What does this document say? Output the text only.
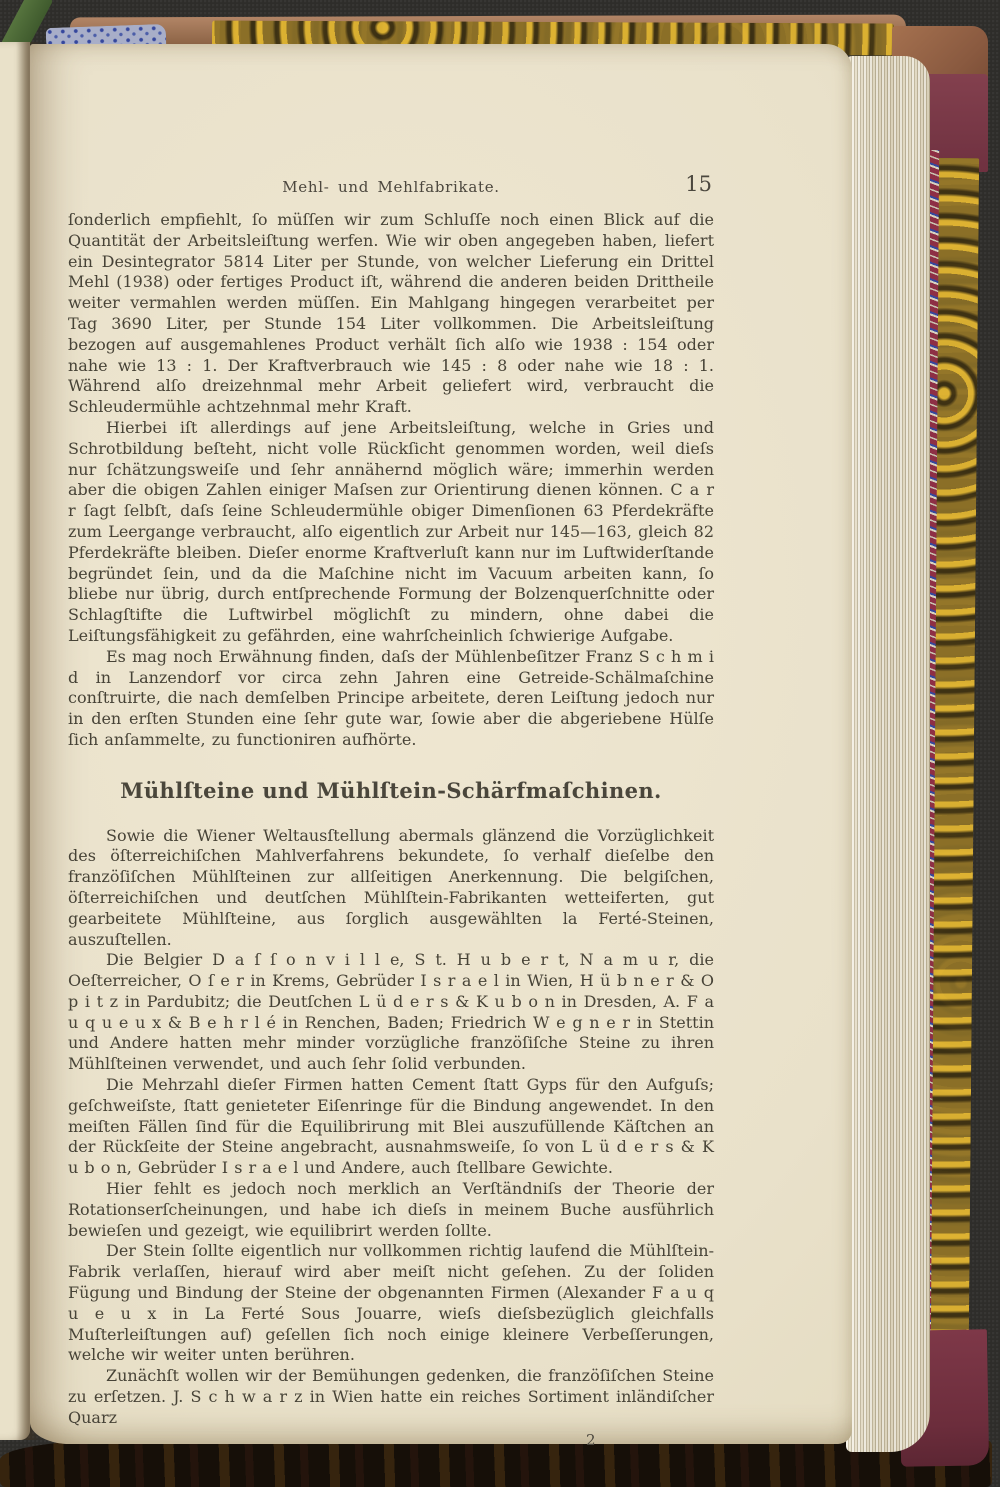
Mehl- und Mehlfabrikate.	15

ſonderlich empfiehlt, ſo müſſen wir zum Schluſſe noch einen Blick auf die Quantität der Arbeitsleiſtung werfen. Wie wir oben angegeben haben, liefert ein Desintegrator 5814 Liter per Stunde, von welcher Lieferung ein Drittel Mehl (1938) oder fertiges Product iſt, während die anderen beiden Drittheile weiter vermahlen werden müſſen. Ein Mahlgang hingegen verarbeitet per Tag 3690 Liter, per Stunde 154 Liter vollkommen. Die Arbeitsleiſtung bezogen auf ausgemahlenes Product verhält ſich alſo wie 1938 : 154 oder nahe wie 13 : 1. Der Kraftverbrauch wie 145 : 8 oder nahe wie 18 : 1. Während alſo dreizehnmal mehr Arbeit geliefert wird, verbraucht die Schleudermühle achtzehnmal mehr Kraft.

Hierbei iſt allerdings auf jene Arbeitsleiſtung, welche in Gries und Schrotbildung beſteht, nicht volle Rückſicht genommen worden, weil dieſs nur ſchätzungsweiſe und ſehr annähernd möglich wäre; immerhin werden aber die obigen Zahlen einiger Maſsen zur Orientirung dienen können. C a r r ſagt ſelbſt, daſs ſeine Schleudermühle obiger Dimenſionen 63 Pferdekräfte zum Leergange verbraucht, alſo eigentlich zur Arbeit nur 145—163, gleich 82 Pferdekräfte bleiben. Dieſer enorme Kraftverluſt kann nur im Luftwiderſtande begründet ſein, und da die Maſchine nicht im Vacuum arbeiten kann, ſo bliebe nur übrig, durch entſprechende Formung der Bolzenquerſchnitte oder Schlagſtifte die Luftwirbel möglichſt zu mindern, ohne dabei die Leiſtungsfähigkeit zu gefährden, eine wahrſcheinlich ſchwierige Aufgabe.

Es mag noch Erwähnung finden, daſs der Mühlenbeſitzer Franz S c h m i d in Lanzendorf vor circa zehn Jahren eine Getreide-Schälmaſchine conſtruirte, die nach demſelben Principe arbeitete, deren Leiſtung jedoch nur in den erſten Stunden eine ſehr gute war, ſowie aber die abgeriebene Hülſe ſich anſammelte, zu functioniren aufhörte.

Mühlſteine und Mühlſtein-Schärfmaſchinen.

Sowie die Wiener Weltausſtellung abermals glänzend die Vorzüglichkeit des öſterreichiſchen Mahlverfahrens bekundete, ſo verhalf dieſelbe den franzöſiſchen Mühlſteinen zur allſeitigen Anerkennung. Die belgiſchen, öſterreichiſchen und deutſchen Mühlſtein-Fabrikanten wetteiferten, gut gearbeitete Mühlſteine, aus ſorglich ausgewählten la Ferté-Steinen, auszuſtellen.

Die Belgier D a ſ ſ o n v i l l e, S t. H u b e r t, N a m u r, die Oeſterreicher, O ſ e r in Krems, Gebrüder I s r a e l in Wien, H ü b n e r & O p i t z in Pardubitz; die Deutſchen L ü d e r s & K u b o n in Dresden, A. F a u q u e u x & B e h r l é in Renchen, Baden; Friedrich W e g n e r in Stettin und Andere hatten mehr minder vorzügliche franzöſiſche Steine zu ihren Mühlſteinen verwendet, und auch ſehr ſolid verbunden.

Die Mehrzahl dieſer Firmen hatten Cement ſtatt Gyps für den Aufguſs; geſchweiſste, ſtatt genieteter Eiſenringe für die Bindung angewendet. In den meiſten Fällen ſind für die Equilibrirung mit Blei auszufüllende Käſtchen an der Rückſeite der Steine angebracht, ausnahmsweiſe, ſo von L ü d e r s & K u b o n, Gebrüder I s r a e l und Andere, auch ſtellbare Gewichte.

Hier fehlt es jedoch noch merklich an Verſtändniſs der Theorie der Rotationserſcheinungen, und habe ich dieſs in meinem Buche ausführlich bewieſen und gezeigt, wie equilibrirt werden ſollte.

Der Stein ſollte eigentlich nur vollkommen richtig laufend die Mühlſtein-Fabrik verlaſſen, hierauf wird aber meiſt nicht geſehen. Zu der ſoliden Fügung und Bindung der Steine der obgenannten Firmen (Alexander F a u q u e u x in La Ferté Sous Jouarre, wieſs dieſsbezüglich gleichfalls Muſterleiſtungen auf) geſellen ſich noch einige kleinere Verbeſſerungen, welche wir weiter unten berühren.

Zunächſt wollen wir der Bemühungen gedenken, die franzöſiſchen Steine zu erſetzen. J. S c h w a r z in Wien hatte ein reiches Sortiment inländiſcher Quarz

2
